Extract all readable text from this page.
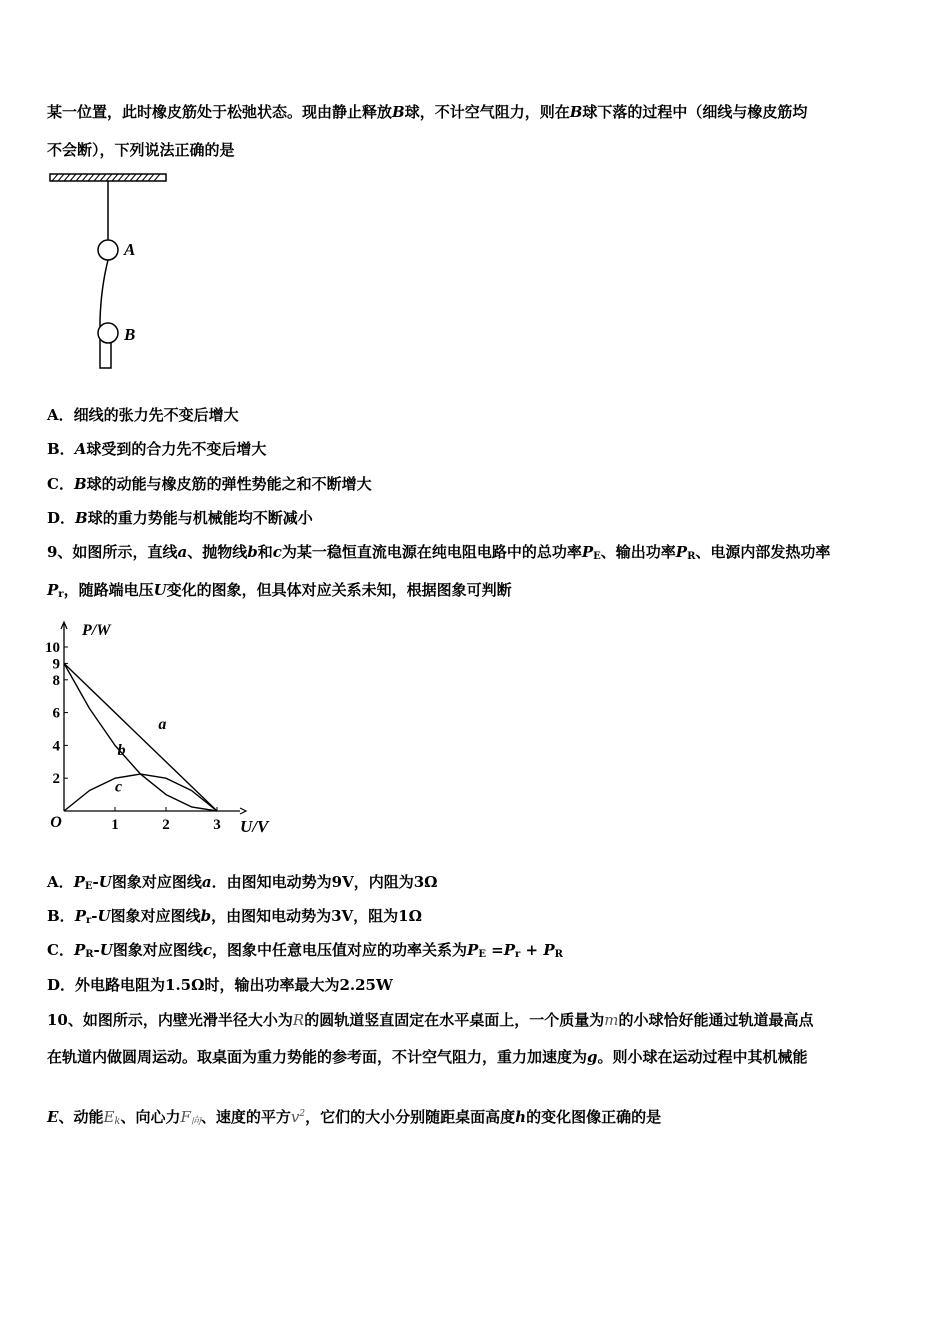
某一位置，此时橡皮筋处于松弛状态。现由静止释放B球，不计空气阻力，则在B球下落的过程中（细线与橡皮筋均
不会断），下列说法正确的是
A
B
A．细线的张力先不变后增大
B．A球受到的合力先不变后增大
C．B球的动能与橡皮筋的弹性势能之和不断增大
D．B球的重力势能与机械能均不断减小
9、如图所示，直线a、抛物线b和c为某一稳恒直流电源在纯电阻电路中的总功率$P_E$、输出功率$P_R$、电源内部发热功率
$P_r$，随路端电压U变化的图象，但具体对应关系未知，根据图象可判断
10
9
8
6
4
2
1	2	3
a
b
c
P/W
U/V
O
A．$P_E-U$图象对应图线a．由图知电动势为9V，内阻为3Ω
B．$P_r-U$图象对应图线b，由图知电动势为3V，阻为1Ω
C．$P_R-U$图象对应图线c，图象中任意电压值对应的功率关系为$P_E =P_r + P_R$
D．外电路电阻为1.5Ω时，输出功率最大为2.25W
10、如图所示，内壁光滑半径大小为R的圆轨道竖直固定在水平桌面上，一个质量为m的小球恰好能通过轨道最高点
在轨道内做圆周运动。取桌面为重力势能的参考面，不计空气阻力，重力加速度为g。则小球在运动过程中其机械能
E、动能$E_k$、向心力$F_向$、速度的平方$v^2$，它们的大小分别随距桌面高度h的变化图像正确的是
